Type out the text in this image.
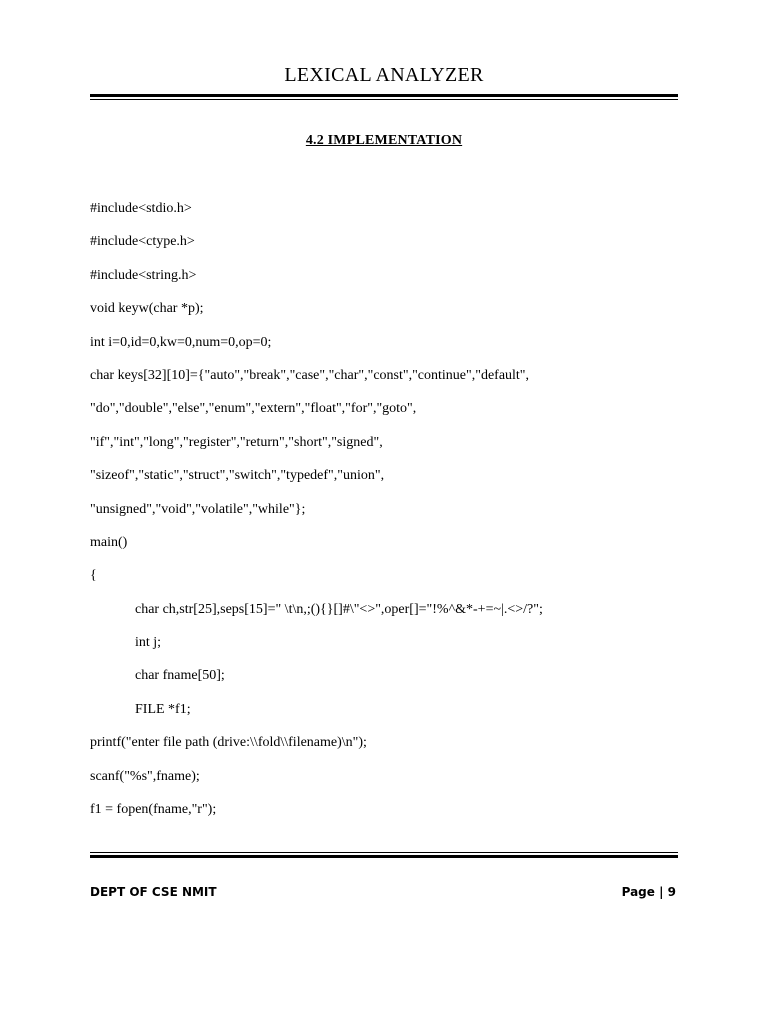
LEXICAL ANALYZER
4.2 IMPLEMENTATION
#include<stdio.h>
#include<ctype.h>
#include<string.h>
void keyw(char *p);
int i=0,id=0,kw=0,num=0,op=0;
char keys[32][10]={"auto","break","case","char","const","continue","default",
"do","double","else","enum","extern","float","for","goto",
"if","int","long","register","return","short","signed",
"sizeof","static","struct","switch","typedef","union",
"unsigned","void","volatile","while"};
main()
{
char ch,str[25],seps[15]=" \t\n,;(){}[]#\"<>",oper[]="!%^&*-+=~|.<>/?";
int j;
char fname[50];
FILE *f1;
printf("enter file path (drive:\\fold\\filename)\n");
scanf("%s",fname);
f1 = fopen(fname,"r");
DEPT OF CSE NMIT	Page | 9
